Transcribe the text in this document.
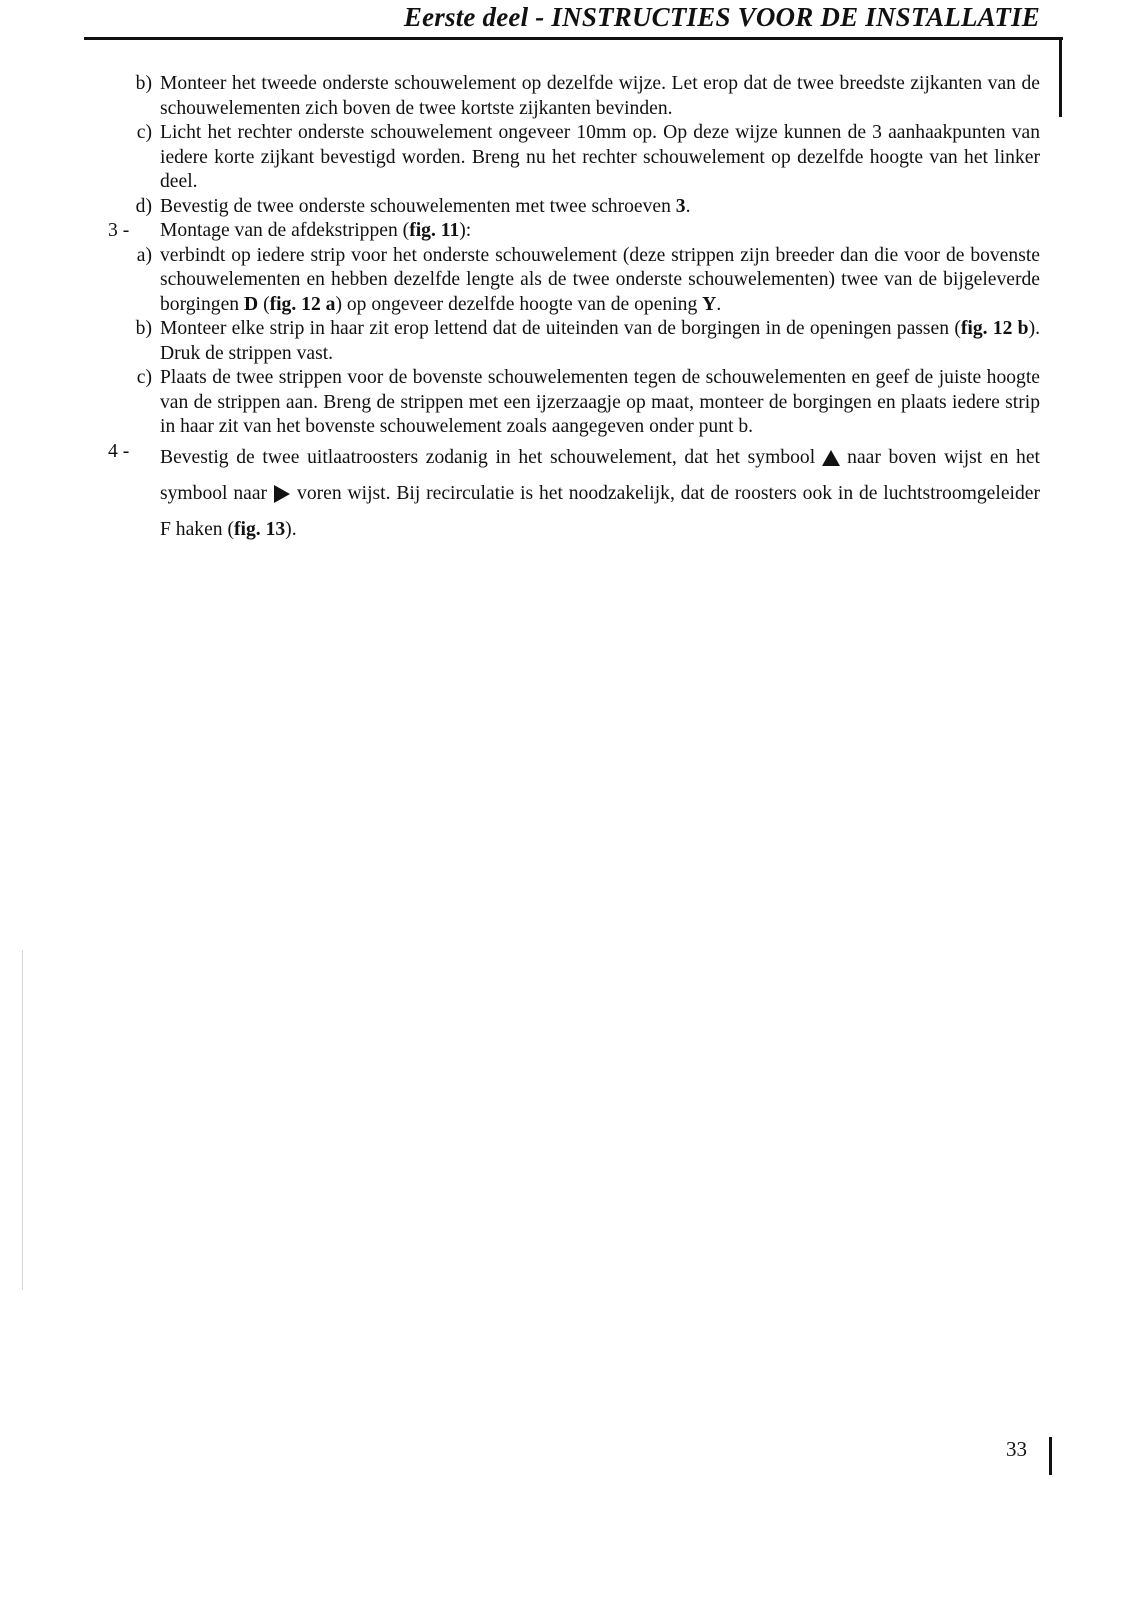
Eerste deel - INSTRUCTIES VOOR DE INSTALLATIE
b) Monteer het tweede onderste schouwelement op dezelfde wijze. Let erop dat de twee breedste zijkanten van de schouwelementen zich boven de twee kortste zijkanten bevinden.
c) Licht het rechter onderste schouwelement ongeveer 10mm op. Op deze wijze kunnen de 3 aanhaakpunten van iedere korte zijkant bevestigd worden. Breng nu het rechter schouwelement op dezelfde hoogte van het linker deel.
d) Bevestig de twee onderste schouwelementen met twee schroeven 3.
3 -	Montage van de afdekstrippen (fig. 11):
a) verbindt op iedere strip voor het onderste schouwelement (deze strippen zijn breeder dan die voor de bovenste schouwelementen en hebben dezelfde lengte als de twee onderste schouwelementen) twee van de bijgeleverde borgingen D (fig. 12 a) op ongeveer dezelfde hoogte van de opening Y.
b) Monteer elke strip in haar zit erop lettend dat de uiteinden van de borgingen in de openingen passen (fig. 12 b). Druk de strippen vast.
c) Plaats de twee strippen voor de bovenste schouwelementen tegen de schouwelementen en geef de juiste hoogte van de strippen aan. Breng de strippen met een ijzerzaagje op maat, monteer de borgingen en plaats iedere strip in haar zit van het bovenste schouwelement zoals aangegeven onder punt b.
4 -	Bevestig de twee uitlaatroosters zodanig in het schouwelement, dat het symbool naar boven wijst en het symbool naar voren wijst. Bij recirculatie is het noodzakelijk, dat de roosters ook in de luchtstroomgeleider F haken (fig. 13).
33
